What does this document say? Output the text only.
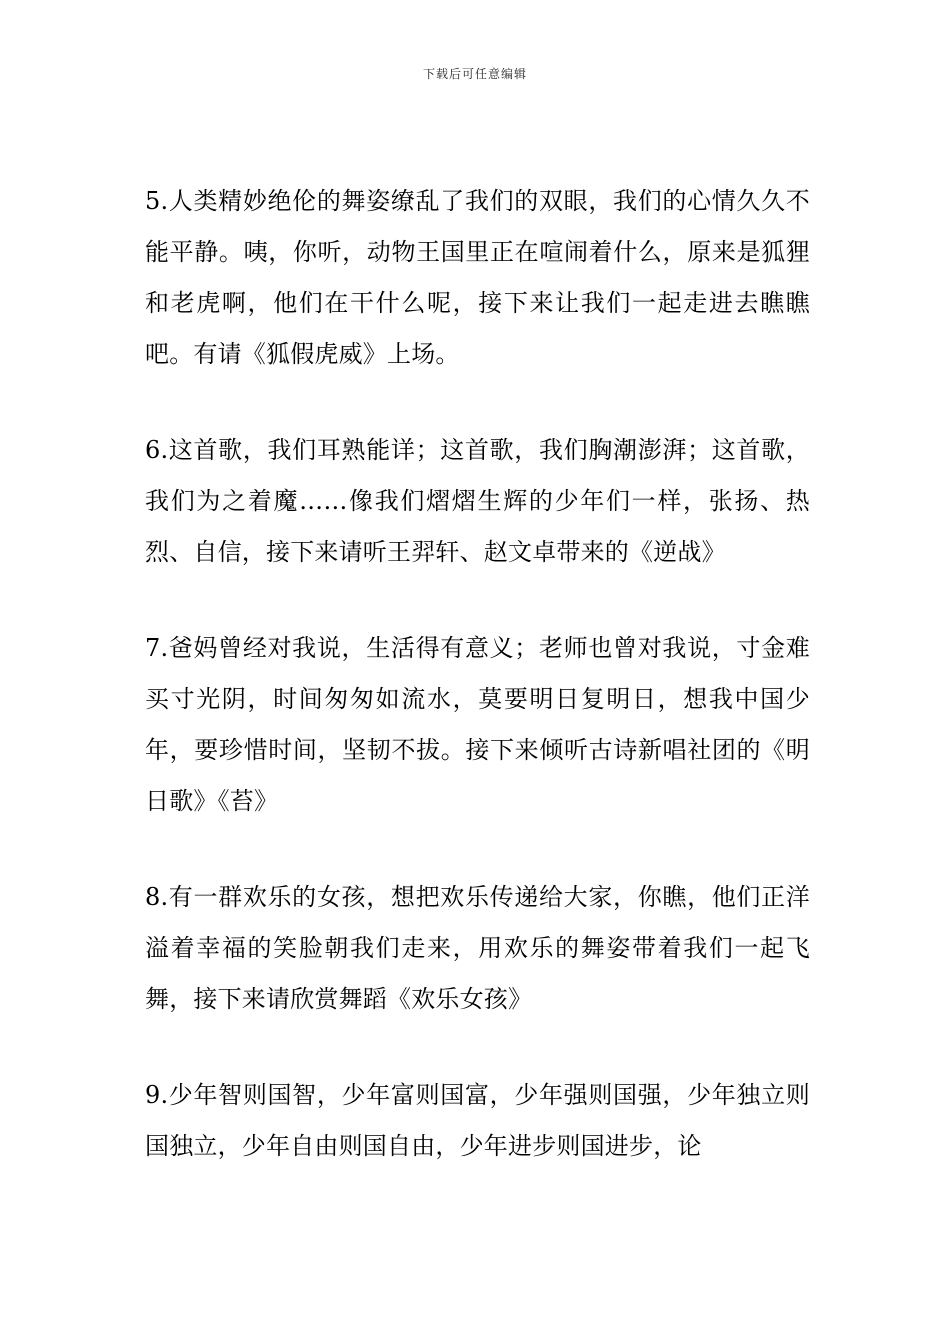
下载后可任意编辑

5.人类精妙绝伦的舞姿缭乱了我们的双眼，我们的心情久久不能平静。咦，你听，动物王国里正在喧闹着什么，原来是狐狸和老虎啊，他们在干什么呢，接下来让我们一起走进去瞧瞧吧。有请《狐假虎威》上场。

6.这首歌，我们耳熟能详；这首歌，我们胸潮澎湃；这首歌，我们为之着魔……像我们熠熠生辉的少年们一样，张扬、热烈、自信，接下来请听王羿轩、赵文卓带来的《逆战》

7.爸妈曾经对我说，生活得有意义；老师也曾对我说，寸金难买寸光阴，时间匆匆如流水，莫要明日复明日，想我中国少年，要珍惜时间，坚韧不拔。接下来倾听古诗新唱社团的《明日歌》《苔》

8.有一群欢乐的女孩，想把欢乐传递给大家，你瞧，他们正洋溢着幸福的笑脸朝我们走来，用欢乐的舞姿带着我们一起飞舞，接下来请欣赏舞蹈《欢乐女孩》

9.少年智则国智，少年富则国富，少年强则国强，少年独立则国独立，少年自由则国自由，少年进步则国进步，论
